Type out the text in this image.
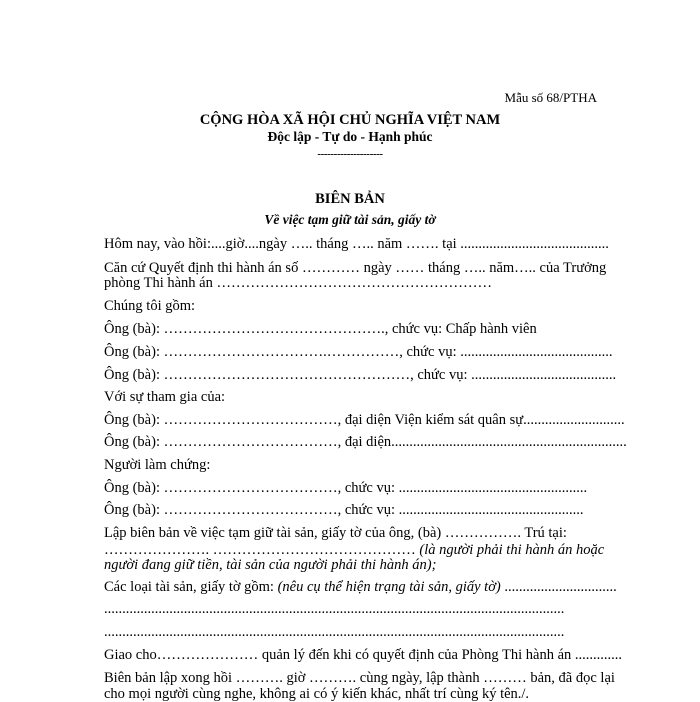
Mẫu số 68/PTHA
CỘNG HÒA XÃ HỘI CHỦ NGHĨA VIỆT NAM
Độc lập - Tự do - Hạnh phúc
--------------------
BIÊN BẢN
Về việc tạm giữ tài sản, giấy tờ
Hôm nay, vào hồi:....giờ....ngày ….. tháng ….. năm ……. tại .........................................
Căn cứ Quyết định thi hành án số ………… ngày …… tháng ….. năm….. của Trưởng
phòng Thi hành án …………………………………………………
Chúng tôi gồm:
Ông (bà): ………………………………………., chức vụ: Chấp hành viên
Ông (bà): …………………………….……………, chức vụ: ..........................................
Ông (bà): ……………………………………………, chức vụ: ........................................
Với sự tham gia của:
Ông (bà): ………………………………, đại diện Viện kiểm sát quân sự............................
Ông (bà): ………………………………, đại diện.................................................................
Người làm chứng:
Ông (bà): ………………………………, chức vụ: ....................................................
Ông (bà): ………………………………, chức vụ: ...................................................
Lập biên bản về việc tạm giữ tài sản, giấy tờ của ông, (bà) ……………. Trú tại:
…………………. …………………………………… (là người phải thi hành án hoặc
người đang giữ tiền, tài sản của người phải thi hành án);
Các loại tài sản, giấy tờ gồm: (nêu cụ thể hiện trạng tài sản, giấy tờ) ...............................
...............................................................................................................................
...............................................................................................................................
Giao cho………………… quản lý đến khi có quyết định của Phòng Thi hành án .............
Biên bản lập xong hồi ………. giờ ………. cùng ngày, lập thành ……… bản, đã đọc lại
cho mọi người cùng nghe, không ai có ý kiến khác, nhất trí cùng ký tên./.
